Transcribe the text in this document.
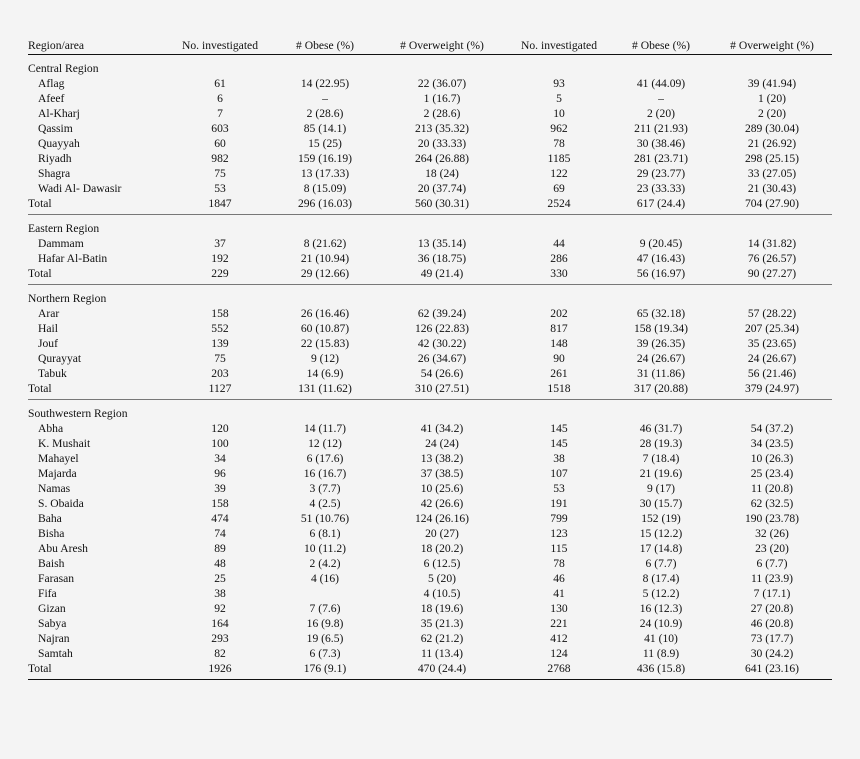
Region/area	No. investigated	# Obese (%)	# Overweight (%)	No. investigated	# Obese (%)	# Overweight (%)
Central Region						
Aflag	61	14 (22.95)	22 (36.07)	93	41 (44.09)	39 (41.94)
Afeef	6	–	1 (16.7)	5	–	1 (20)
Al-Kharj	7	2 (28.6)	2 (28.6)	10	2 (20)	2 (20)
Qassim	603	85 (14.1)	213 (35.32)	962	211 (21.93)	289 (30.04)
Quayyah	60	15 (25)	20 (33.33)	78	30 (38.46)	21 (26.92)
Riyadh	982	159 (16.19)	264 (26.88)	1185	281 (23.71)	298 (25.15)
Shagra	75	13 (17.33)	18 (24)	122	29 (23.77)	33 (27.05)
Wadi Al- Dawasir	53	8 (15.09)	20 (37.74)	69	23 (33.33)	21 (30.43)
Total	1847	296 (16.03)	560 (30.31)	2524	617 (24.4)	704 (27.90)
Eastern Region						
Dammam	37	8 (21.62)	13 (35.14)	44	9 (20.45)	14 (31.82)
Hafar Al-Batin	192	21 (10.94)	36 (18.75)	286	47 (16.43)	76 (26.57)
Total	229	29 (12.66)	49 (21.4)	330	56 (16.97)	90 (27.27)
Northern Region						
Arar	158	26 (16.46)	62 (39.24)	202	65 (32.18)	57 (28.22)
Hail	552	60 (10.87)	126 (22.83)	817	158 (19.34)	207 (25.34)
Jouf	139	22 (15.83)	42 (30.22)	148	39 (26.35)	35 (23.65)
Qurayyat	75	9 (12)	26 (34.67)	90	24 (26.67)	24 (26.67)
Tabuk	203	14 (6.9)	54 (26.6)	261	31 (11.86)	56 (21.46)
Total	1127	131 (11.62)	310 (27.51)	1518	317 (20.88)	379 (24.97)
Southwestern Region						
Abha	120	14 (11.7)	41 (34.2)	145	46 (31.7)	54 (37.2)
K. Mushait	100	12 (12)	24 (24)	145	28 (19.3)	34 (23.5)
Mahayel	34	6 (17.6)	13 (38.2)	38	7 (18.4)	10 (26.3)
Majarda	96	16 (16.7)	37 (38.5)	107	21 (19.6)	25 (23.4)
Namas	39	3 (7.7)	10 (25.6)	53	9 (17)	11 (20.8)
S. Obaida	158	4 (2.5)	42 (26.6)	191	30 (15.7)	62 (32.5)
Baha	474	51 (10.76)	124 (26.16)	799	152 (19)	190 (23.78)
Bisha	74	6 (8.1)	20 (27)	123	15 (12.2)	32 (26)
Abu Aresh	89	10 (11.2)	18 (20.2)	115	17 (14.8)	23 (20)
Baish	48	2 (4.2)	6 (12.5)	78	6 (7.7)	6 (7.7)
Farasan	25	4 (16)	5 (20)	46	8 (17.4)	11 (23.9)
Fifa	38		4 (10.5)	41	5 (12.2)	7 (17.1)
Gizan	92	7 (7.6)	18 (19.6)	130	16 (12.3)	27 (20.8)
Sabya	164	16 (9.8)	35 (21.3)	221	24 (10.9)	46 (20.8)
Najran	293	19 (6.5)	62 (21.2)	412	41 (10)	73 (17.7)
Samtah	82	6 (7.3)	11 (13.4)	124	11 (8.9)	30 (24.2)
Total	1926	176 (9.1)	470 (24.4)	2768	436 (15.8)	641 (23.16)
